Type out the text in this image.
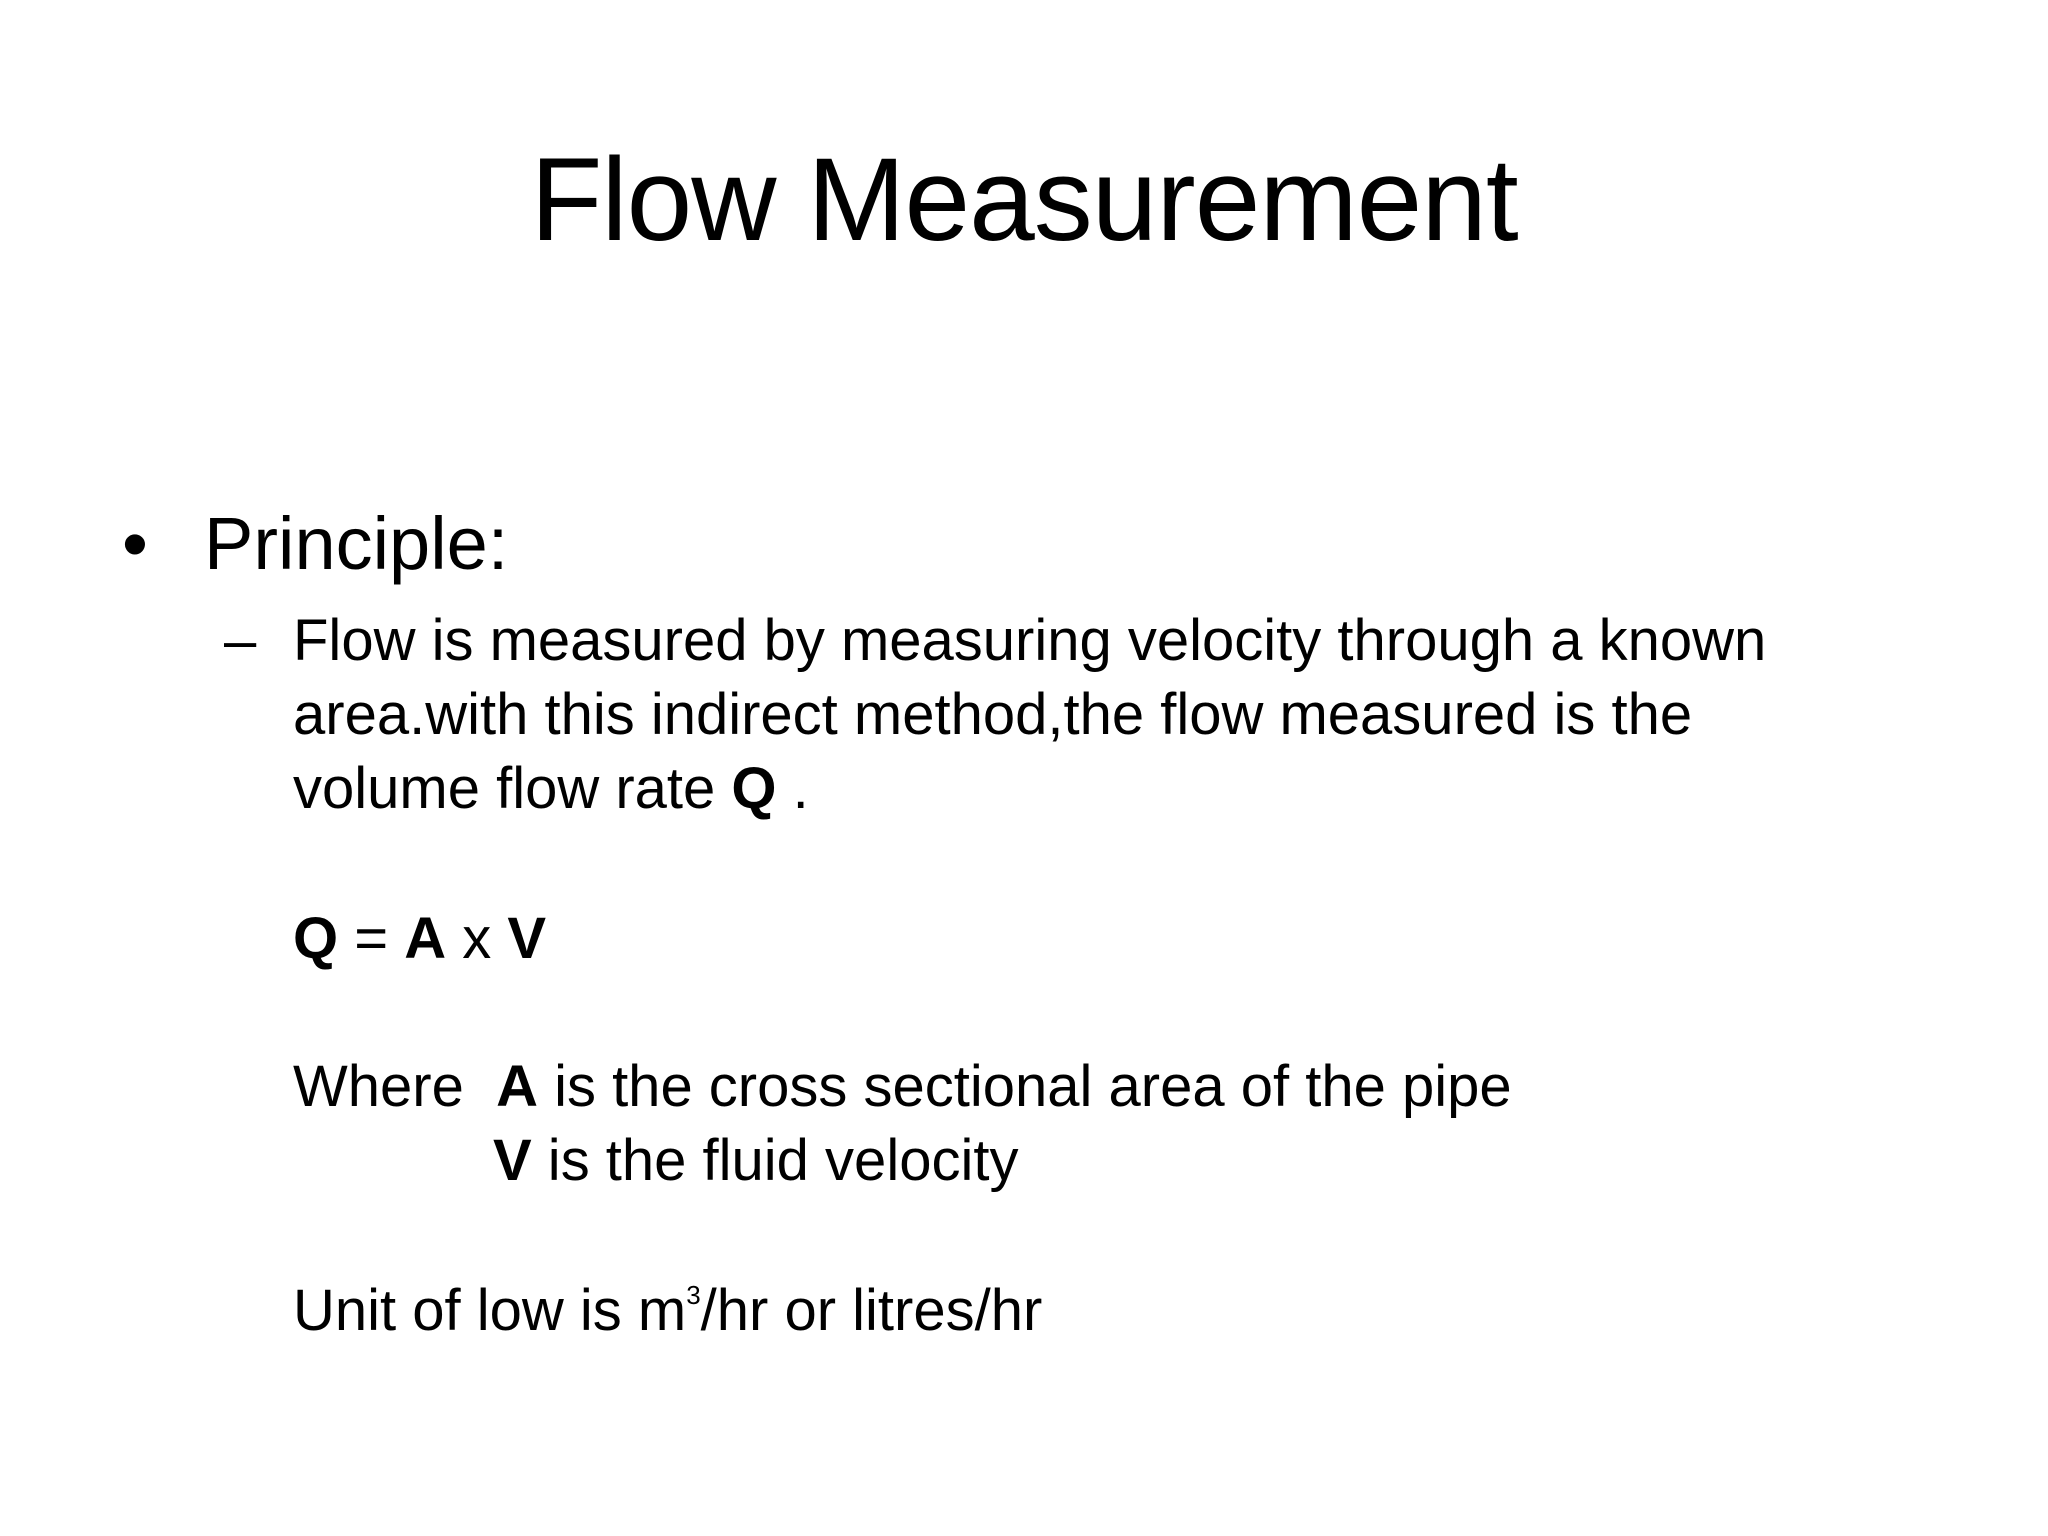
Flow Measurement
• Principle:
– Flow is measured by measuring velocity through a known
area.with this indirect method,the flow measured is the
volume flow rate Q .
Q = A x V
Where  A is the cross sectional area of the pipe
V is the fluid velocity
Unit of low is $m^3/hr$ or litres/hr
